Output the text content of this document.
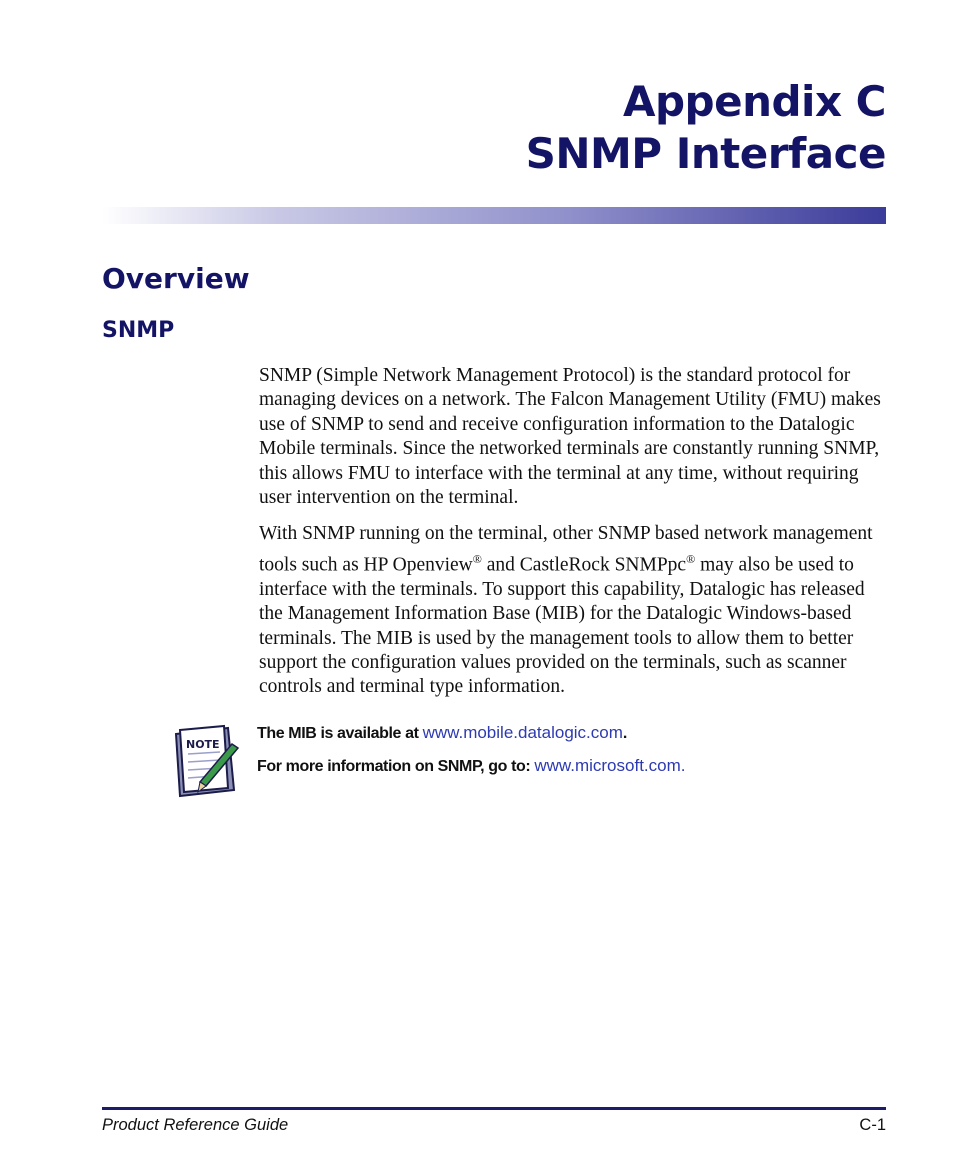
Appendix C
SNMP Interface
Overview
SNMP

SNMP (Simple Network Management Protocol) is the standard protocol for managing devices on a network. The Falcon Management Utility (FMU) makes use of SNMP to send and receive configuration information to the Datalogic Mobile terminals. Since the networked terminals are constantly running SNMP, this allows FMU to interface with the terminal at any time, without requiring user intervention on the terminal.

With SNMP running on the terminal, other SNMP based network management tools such as HP Openview® and CastleRock SNMPpc® may also be used to interface with the terminals. To support this capability, Datalogic has released the Management Information Base (MIB) for the Datalogic Windows-based terminals. The MIB is used by the management tools to allow them to better support the configuration values provided on the terminals, such as scanner controls and terminal type information.

NOTE
The MIB is available at www.mobile.datalogic.com.
For more information on SNMP, go to: www.microsoft.com.
Product Reference Guide	C-1
